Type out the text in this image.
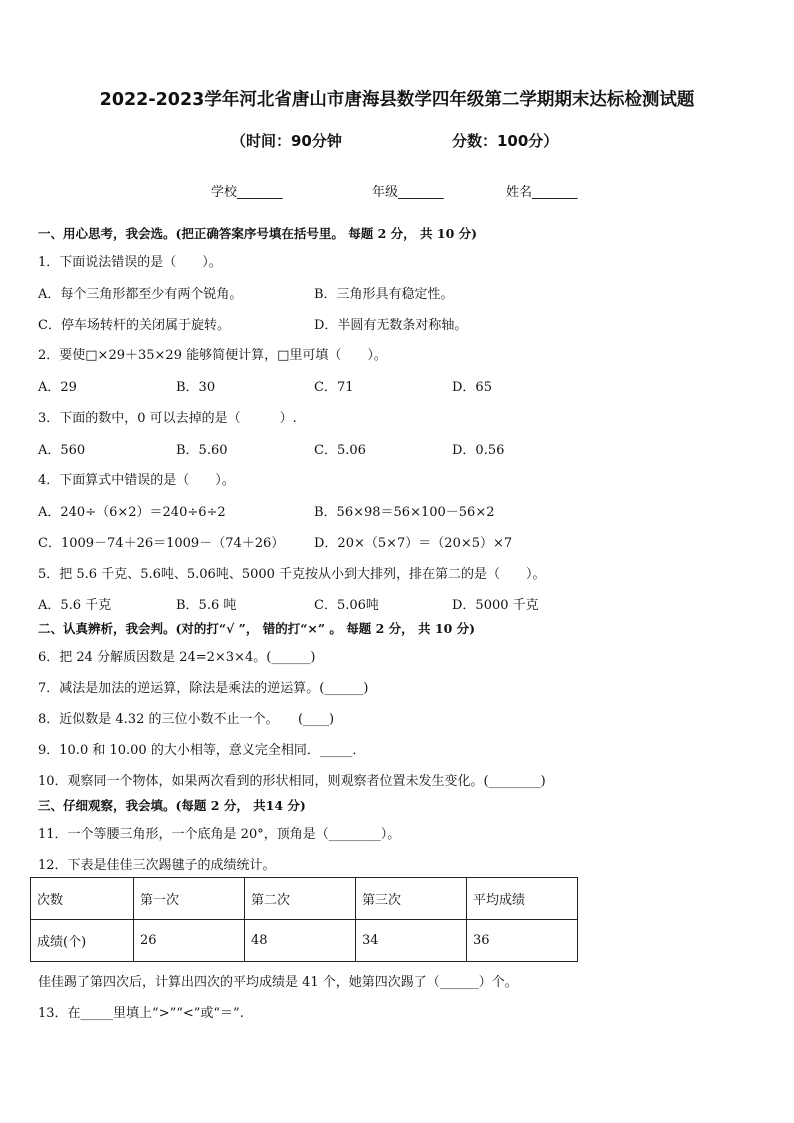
2022-2023学年河北省唐山市唐海县数学四年级第二学期期末达标检测试题
（时间：90分钟	分数：100分）
学校_______	年级_______	姓名_______
一、用心思考，我会选。(把正确答案序号填在括号里。 每题 2 分， 共 10 分)
1．下面说法错误的是（　　）。
A．每个三角形都至少有两个锐角。	B．三角形具有稳定性。
C．停车场转杆的关闭属于旋转。	D．半圆有无数条对称轴。
2．要使□×29＋35×29 能够简便计算，□里可填（　　）。
A．29	B．30	C．71	D．65
3．下面的数中，0 可以去掉的是（　　　）.
A．560	B．5.60	C．5.06	D．0.56
4．下面算式中错误的是（　　）。
A．240÷（6×2）＝240÷6÷2	B．56×98＝56×100－56×2
C．1009－74＋26＝1009－（74＋26） D．20×（5×7）＝（20×5）×7
5．把 5.6 千克、5.6吨、5.06吨、5000 千克按从小到大排列，排在第二的是（　　）。
A．5.6 千克	B．5.6 吨	C．5.06吨	D．5000 千克
二、认真辨析，我会判。(对的打“√ ”， 错的打“×” 。 每题 2 分， 共 10 分)
6．把 24 分解质因数是 24=2×3×4。(______)
7．减法是加法的逆运算，除法是乘法的逆运算。(______)
8．近似数是 4.32 的三位小数不止一个。　　(____)
9．10.0 和 10.00 的大小相等，意义完全相同．_____．
10．观察同一个物体，如果两次看到的形状相同，则观察者位置未发生变化。(________)
三、仔细观察，我会填。(每题 2 分， 共14 分)
11．一个等腰三角形，一个底角是 20°，顶角是（________）。
12．下表是佳佳三次踢毽子的成绩统计。
次数	第一次	第二次	第三次	平均成绩
成绩(个)	26	48	34	36
佳佳踢了第四次后，计算出四次的平均成绩是 41 个，她第四次踢了（______）个。
13．在_____里填上“>”“<”或“＝”.
